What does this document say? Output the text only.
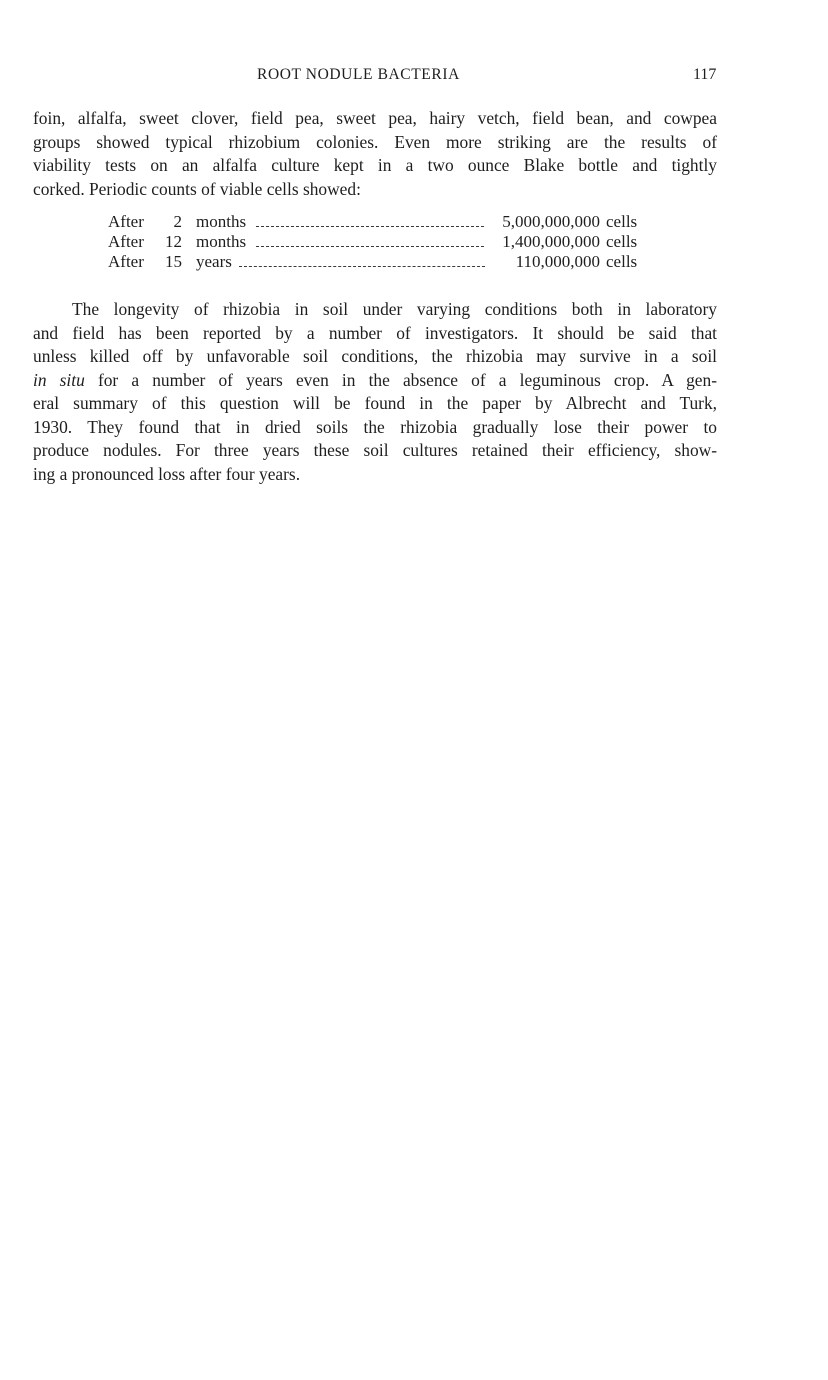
ROOT NODULE BACTERIA	117
foin, alfalfa, sweet clover, field pea, sweet pea, hairy vetch, field bean, and cowpea
groups showed typical rhizobium colonies. Even more striking are the results of
viability tests on an alfalfa culture kept in a two ounce Blake bottle and tightly
corked. Periodic counts of viable cells showed:
After	2 months	5,000,000,000 cells
After	12 months	1,400,000,000 cells
After	15 years	110,000,000 cells
The longevity of rhizobia in soil under varying conditions both in laboratory
and field has been reported by a number of investigators. It should be said that
unless killed off by unfavorable soil conditions, the rhizobia may survive in a soil
in situ for a number of years even in the absence of a leguminous crop. A gen-
eral summary of this question will be found in the paper by Albrecht and Turk,
1930. They found that in dried soils the rhizobia gradually lose their power to
produce nodules. For three years these soil cultures retained their efficiency, show-
ing a pronounced loss after four years.
